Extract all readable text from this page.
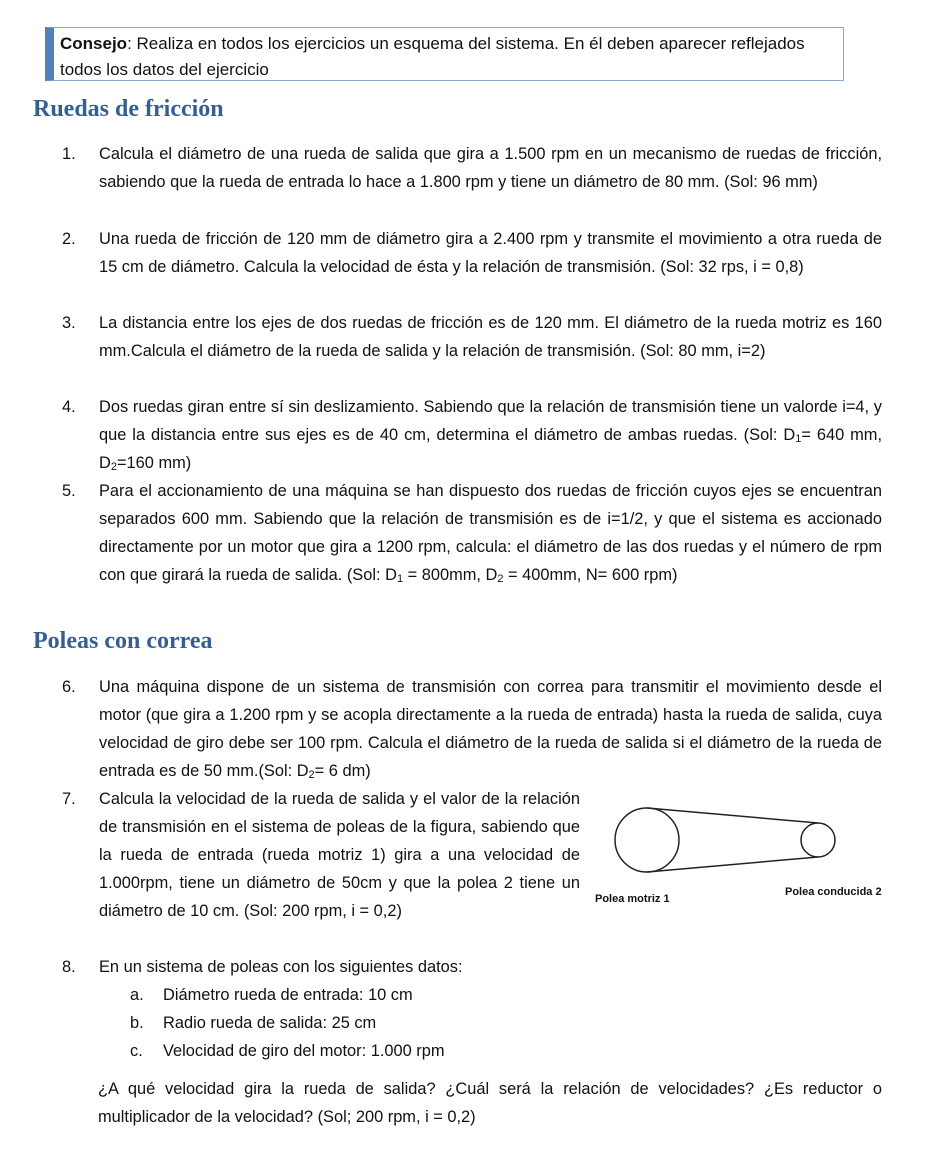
Consejo: Realiza en todos los ejercicios un esquema del sistema. En él deben aparecer reflejados todos los datos del ejercicio
Ruedas de fricción
1. Calcula el diámetro de una rueda de salida que gira a 1.500 rpm en un mecanismo de ruedas de fricción, sabiendo que la rueda de entrada lo hace a 1.800 rpm y tiene un diámetro de 80 mm. (Sol: 96 mm)
2. Una rueda de fricción de 120 mm de diámetro gira a 2.400 rpm y transmite el movimiento a otra rueda de 15 cm de diámetro. Calcula la velocidad de ésta y la relación de transmisión. (Sol: 32 rps, i = 0,8)
3. La distancia entre los ejes de dos ruedas de fricción es de 120 mm. El diámetro de la rueda motriz es 160 mm.Calcula el diámetro de la rueda de salida y la relación de transmisión. (Sol: 80 mm, i=2)
4. Dos ruedas giran entre sí sin deslizamiento. Sabiendo que la relación de transmisión tiene un valorde i=4, y que la distancia entre sus ejes es de 40 cm, determina el diámetro de ambas ruedas. (Sol: $D_1= 640$ mm, $D_2=160$ mm)
5. Para el accionamiento de una máquina se han dispuesto dos ruedas de fricción cuyos ejes se encuentran separados 600 mm. Sabiendo que la relación de transmisión es de i=1/2, y que el sistema es accionado directamente por un motor que gira a 1200 rpm, calcula: el diámetro de las dos ruedas y el número de rpm con que girará la rueda de salida. (Sol: $D_1 = 800mm$, $D_2 = 400mm$, N= 600 rpm)
Poleas con correa
6. Una máquina dispone de un sistema de transmisión con correa para transmitir el movimiento desde el motor (que gira a 1.200 rpm y se acopla directamente a la rueda de entrada) hasta la rueda de salida, cuya velocidad de giro debe ser 100 rpm. Calcula el diámetro de la rueda de salida si el diámetro de la rueda de entrada es de 50 mm.(Sol: $D_2= 6$ dm)
7. Calcula la velocidad de la rueda de salida y el valor de la relación de transmisión en el sistema de poleas de la figura, sabiendo que la rueda de entrada (rueda motriz 1) gira a una velocidad de 1.000rpm, tiene un diámetro de 50cm y que la polea 2 tiene un diámetro de 10 cm. (Sol: 200 rpm, i = 0,2)
Polea motriz 1
Polea conducida 2
8. En un sistema de poleas con los siguientes datos:
a. Diámetro rueda de entrada: 10 cm
b. Radio rueda de salida: 25 cm
c. Velocidad de giro del motor: 1.000 rpm
¿A qué velocidad gira la rueda de salida? ¿Cuál será la relación de velocidades? ¿Es reductor o multiplicador de la velocidad? (Sol; 200 rpm, i = 0,2)
